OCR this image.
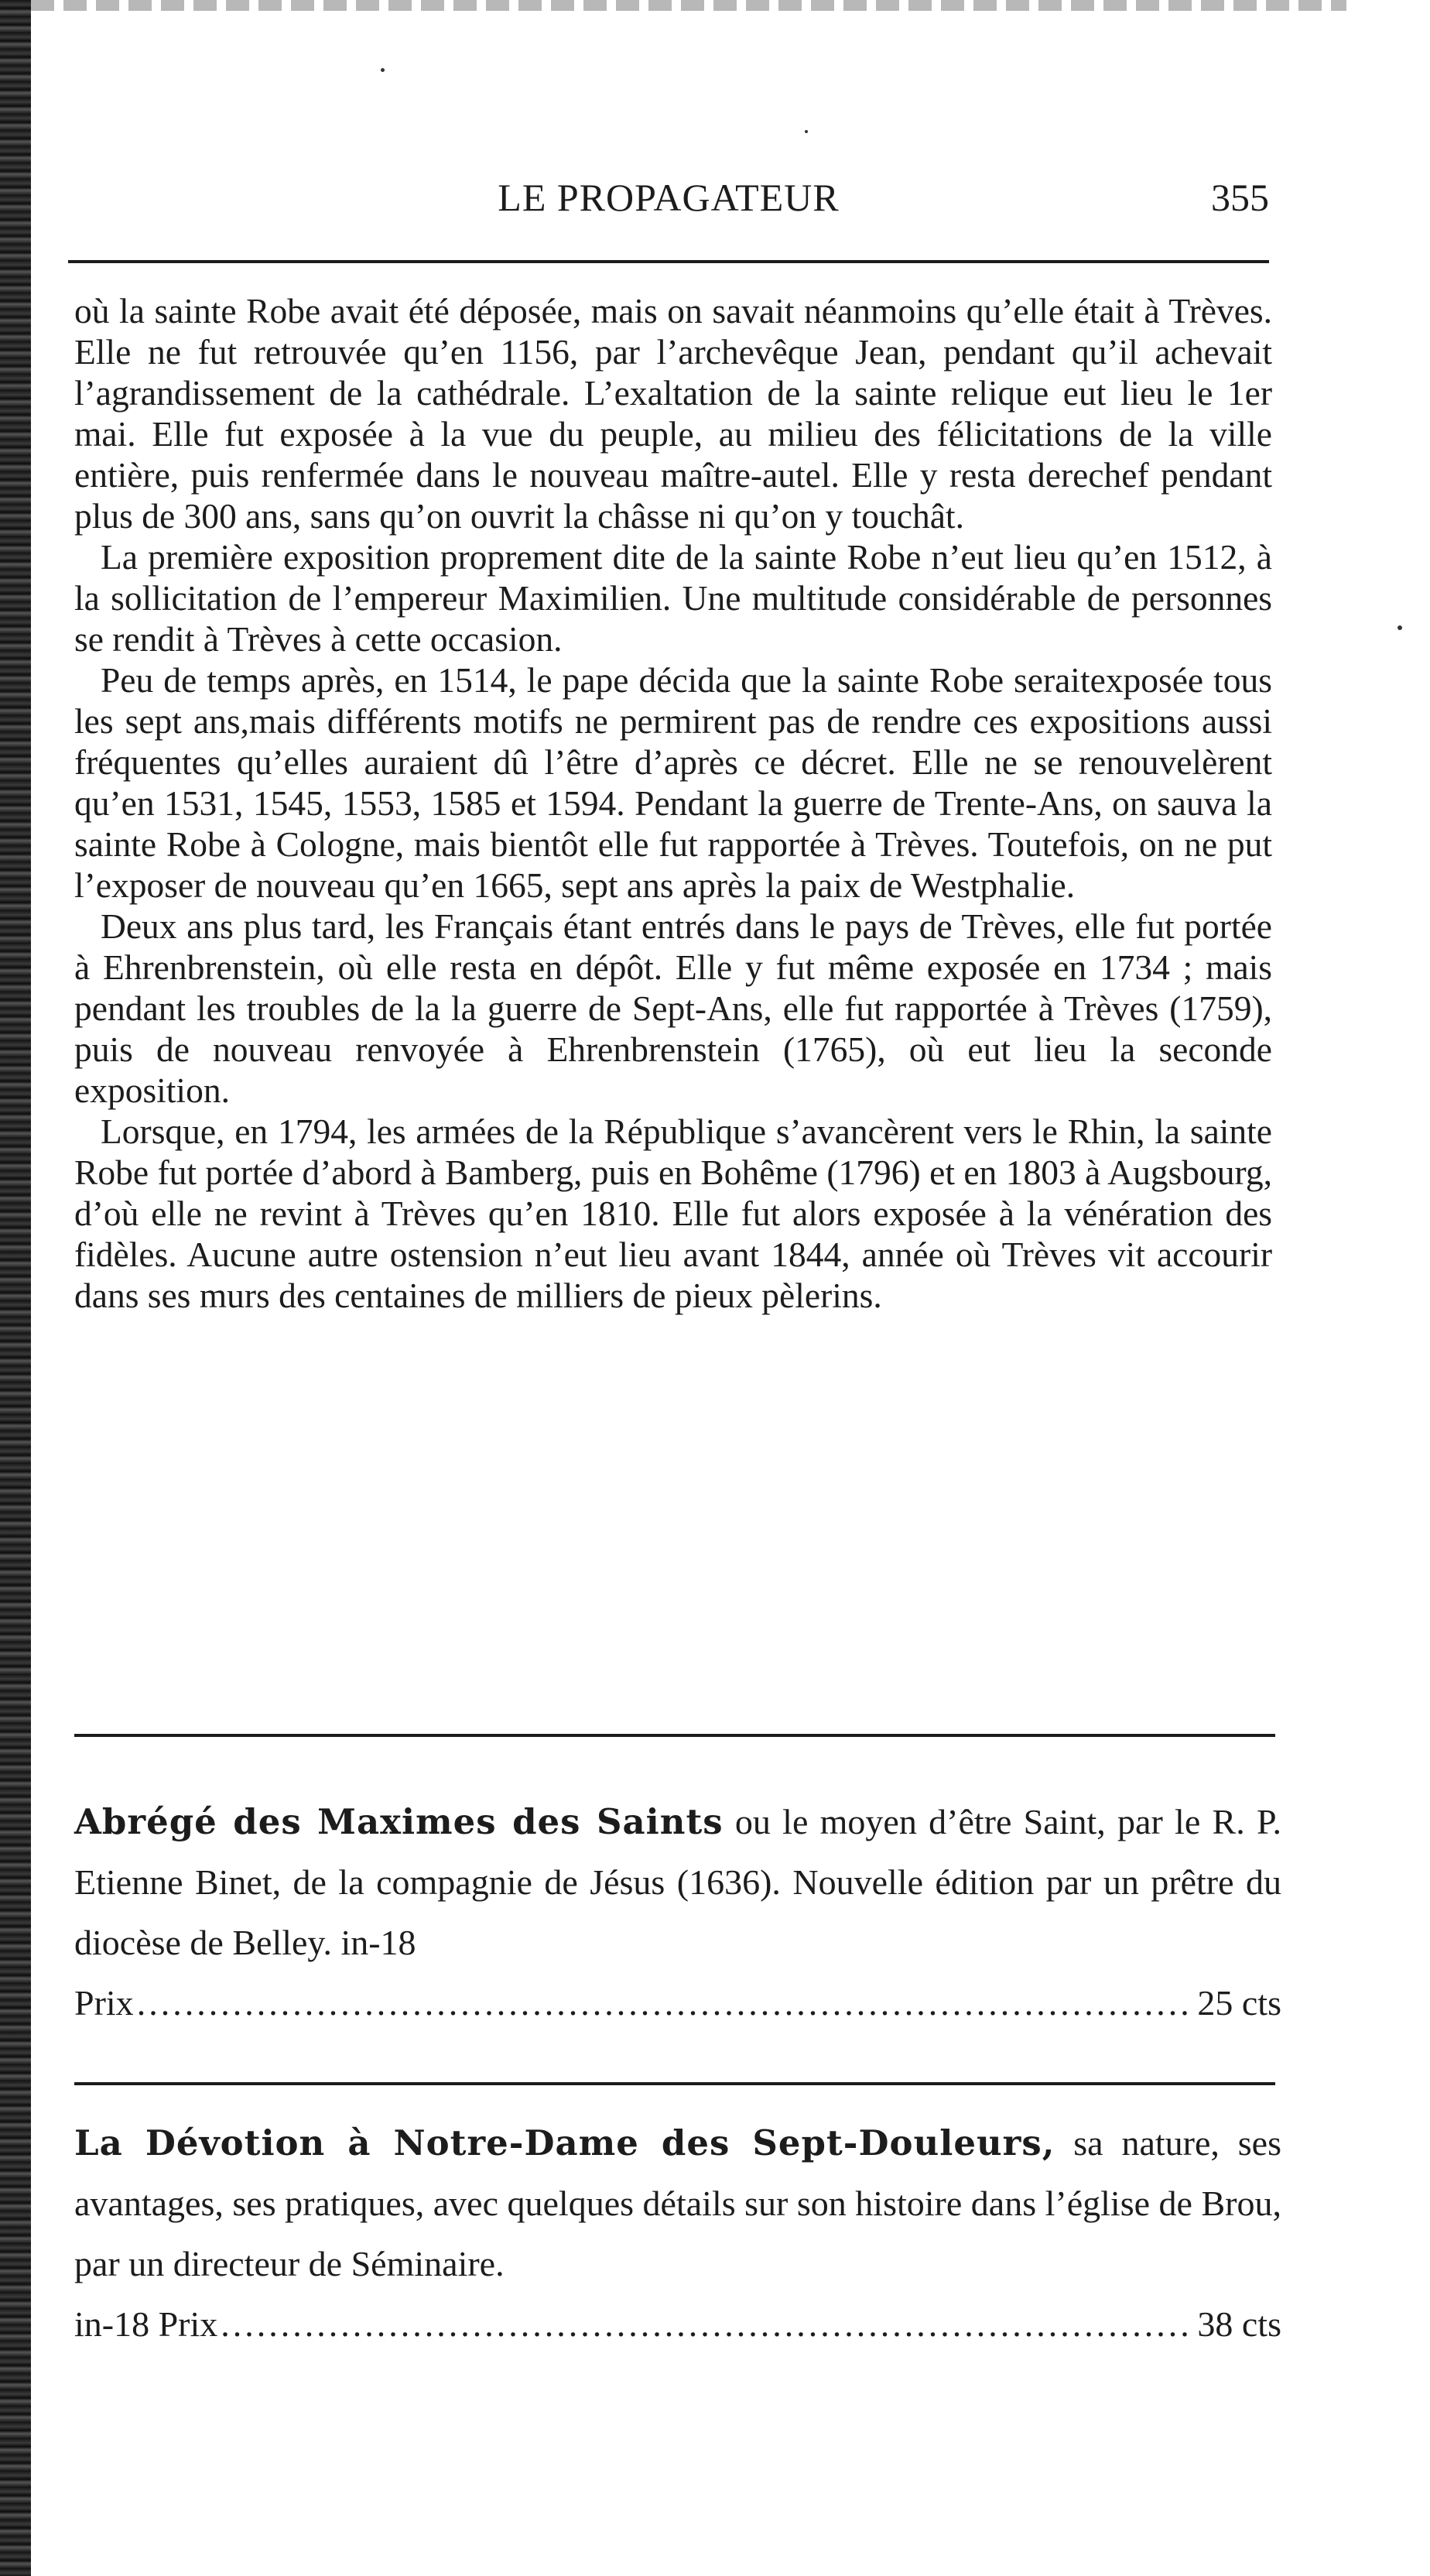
LE PROPAGATEUR	355

où la sainte Robe avait été déposée, mais on savait néanmoins qu’elle était à Trèves. Elle ne fut retrouvée qu’en 1156, par l’archevêque Jean, pendant qu’il achevait l’agrandissement de la cathédrale. L’exaltation de la sainte relique eut lieu le 1er mai. Elle fut exposée à la vue du peuple, au milieu des félicitations de la ville entière, puis renfermée dans le nouveau maître-autel. Elle y resta derechef pendant plus de 300 ans, sans qu’on ouvrit la châsse ni qu’on y touchât.

La première exposition proprement dite de la sainte Robe n’eut lieu qu’en 1512, à la sollicitation de l’empereur Maximilien. Une multitude considérable de personnes se rendit à Trèves à cette occasion.

Peu de temps après, en 1514, le pape décida que la sainte Robe seraitexposée tous les sept ans,mais différents motifs ne permirent pas de rendre ces expositions aussi fréquentes qu’elles auraient dû l’être d’après ce décret. Elle ne se renouvelèrent qu’en 1531, 1545, 1553, 1585 et 1594. Pendant la guerre de Trente-Ans, on sauva la sainte Robe à Cologne, mais bientôt elle fut rapportée à Trèves. Toutefois, on ne put l’exposer de nouveau qu’en 1665, sept ans après la paix de Westphalie.

Deux ans plus tard, les Français étant entrés dans le pays de Trèves, elle fut portée à Ehrenbrenstein, où elle resta en dépôt. Elle y fut même exposée en 1734 ; mais pendant les troubles de la la guerre de Sept-Ans, elle fut rapportée à Trèves (1759), puis de nouveau renvoyée à Ehrenbrenstein (1765), où eut lieu la seconde exposition.

Lorsque, en 1794, les armées de la République s’avancèrent vers le Rhin, la sainte Robe fut portée d’abord à Bamberg, puis en Bohême (1796) et en 1803 à Augsbourg, d’où elle ne revint à Trèves qu’en 1810. Elle fut alors exposée à la vénération des fidèles. Aucune autre ostension n’eut lieu avant 1844, année où Trèves vit accourir dans ses murs des centaines de milliers de pieux pèlerins.

Abrégé des Maximes des Saints ou le moyen d’être Saint, par le R. P. Etienne Binet, de la compagnie de Jésus (1636). Nouvelle édition par un prêtre du diocèse de Belley. in-18
Prix .....	25 cts
La Dévotion à Notre-Dame des Sept-Douleurs, sa nature, ses avantages, ses pratiques, avec quelques détails sur son histoire dans l’église de Brou, par un directeur de Séminaire.
in-18 Prix .....	38 cts
